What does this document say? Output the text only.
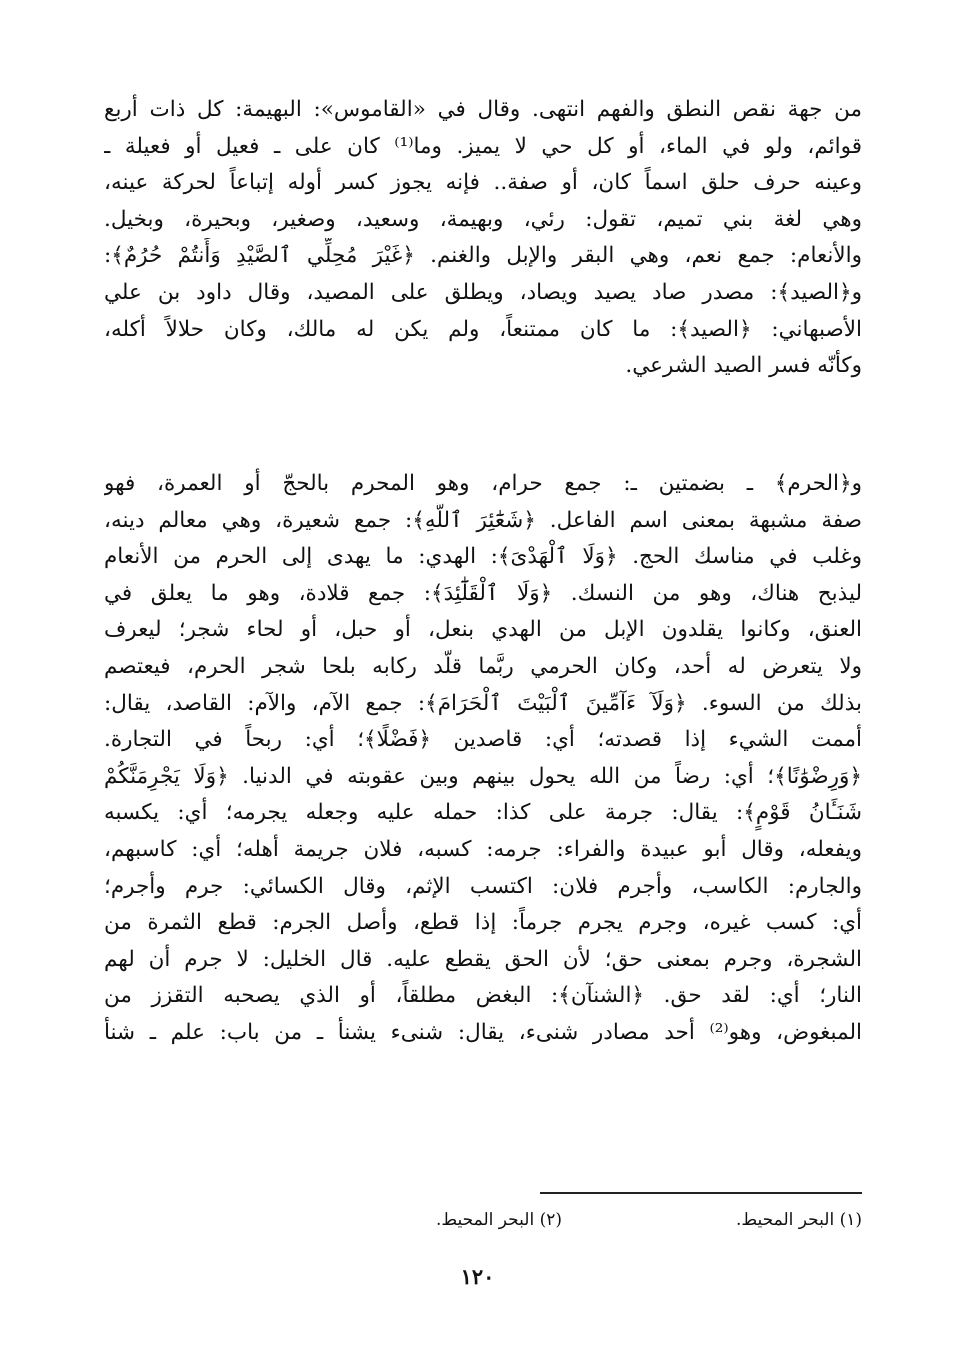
من جهة نقص النطق والفهم انتهى. وقال في «القاموس»: البهيمة: كل ذات أربع
قوائم، ولو في الماء، أو كل حي لا يميز. وما⁽¹⁾ كان على ـ فعيل أو فعيلة ـ
وعينه حرف حلق اسماً كان، أو صفة.. فإنه يجوز كسر أوله إتباعاً لحركة عينه،
وهي لغة بني تميم، تقول: رئي، وبهيمة، وسعيد، وصغير، وبحيرة، وبخيل.
والأنعام: جمع نعم، وهي البقر والإبل والغنم. ﴿غَيْرَ مُحِلِّي ٱلصَّيْدِ وَأَنتُمْ حُرُمٌ﴾:
و﴿الصيد﴾: مصدر صاد يصيد ويصاد، ويطلق على المصيد، وقال داود بن علي
الأصبهاني: ﴿الصيد﴾: ما كان ممتنعاً، ولم يكن له مالك، وكان حلالاً أكله،
وكأنّه فسر الصيد الشرعي.
و﴿الحرم﴾ ـ بضمتين ـ: جمع حرام، وهو المحرم بالحجّ أو العمرة، فهو
صفة مشبهة بمعنى اسم الفاعل. ﴿شَعَٰٓئِرَ ٱللَّهِ﴾: جمع شعيرة، وهي معالم دينه،
وغلب في مناسك الحج. ﴿وَلَا ٱلْهَدْىَ﴾: الهدي: ما يهدى إلى الحرم من الأنعام
ليذبح هناك، وهو من النسك. ﴿وَلَا ٱلْقَلَٰٓئِدَ﴾: جمع قلادة، وهو ما يعلق في
العنق، وكانوا يقلدون الإبل من الهدي بنعل، أو حبل، أو لحاء شجر؛ ليعرف
ولا يتعرض له أحد، وكان الحرمي ربَّما قلّد ركابه بلحا شجر الحرم، فيعتصم
بذلك من السوء. ﴿وَلَآ ءَآمِّينَ ٱلْبَيْتَ ٱلْحَرَامَ﴾: جمع الآم، والآم: القاصد، يقال:
أممت الشيء إذا قصدته؛ أي: قاصدين ﴿فَضْلًا﴾؛ أي: ربحاً في التجارة.
﴿وَرِضْوَٰنًا﴾؛ أي: رضاً من الله يحول بينهم وبين عقوبته في الدنيا. ﴿وَلَا يَجْرِمَنَّكُمْ
شَنَـَٔانُ قَوْمٍ﴾: يقال: جرمة على كذا: حمله عليه وجعله يجرمه؛ أي: يكسبه
ويفعله، وقال أبو عبيدة والفراء: جرمه: كسبه، فلان جريمة أهله؛ أي: كاسبهم،
والجارم: الكاسب، وأجرم فلان: اكتسب الإثم، وقال الكسائي: جرم وأجرم؛
أي: كسب غيره، وجرم يجرم جرماً: إذا قطع، وأصل الجرم: قطع الثمرة من
الشجرة، وجرم بمعنى حق؛ لأن الحق يقطع عليه. قال الخليل: لا جرم أن لهم
النار؛ أي: لقد حق. ﴿الشنآن﴾: البغض مطلقاً، أو الذي يصحبه التقزز من
المبغوض، وهو⁽²⁾ أحد مصادر شنىء، يقال: شنىء يشنأ ـ من باب: علم ـ شنأ
(١) البحر المحيط.
(٢) البحر المحيط.
١٢٠
